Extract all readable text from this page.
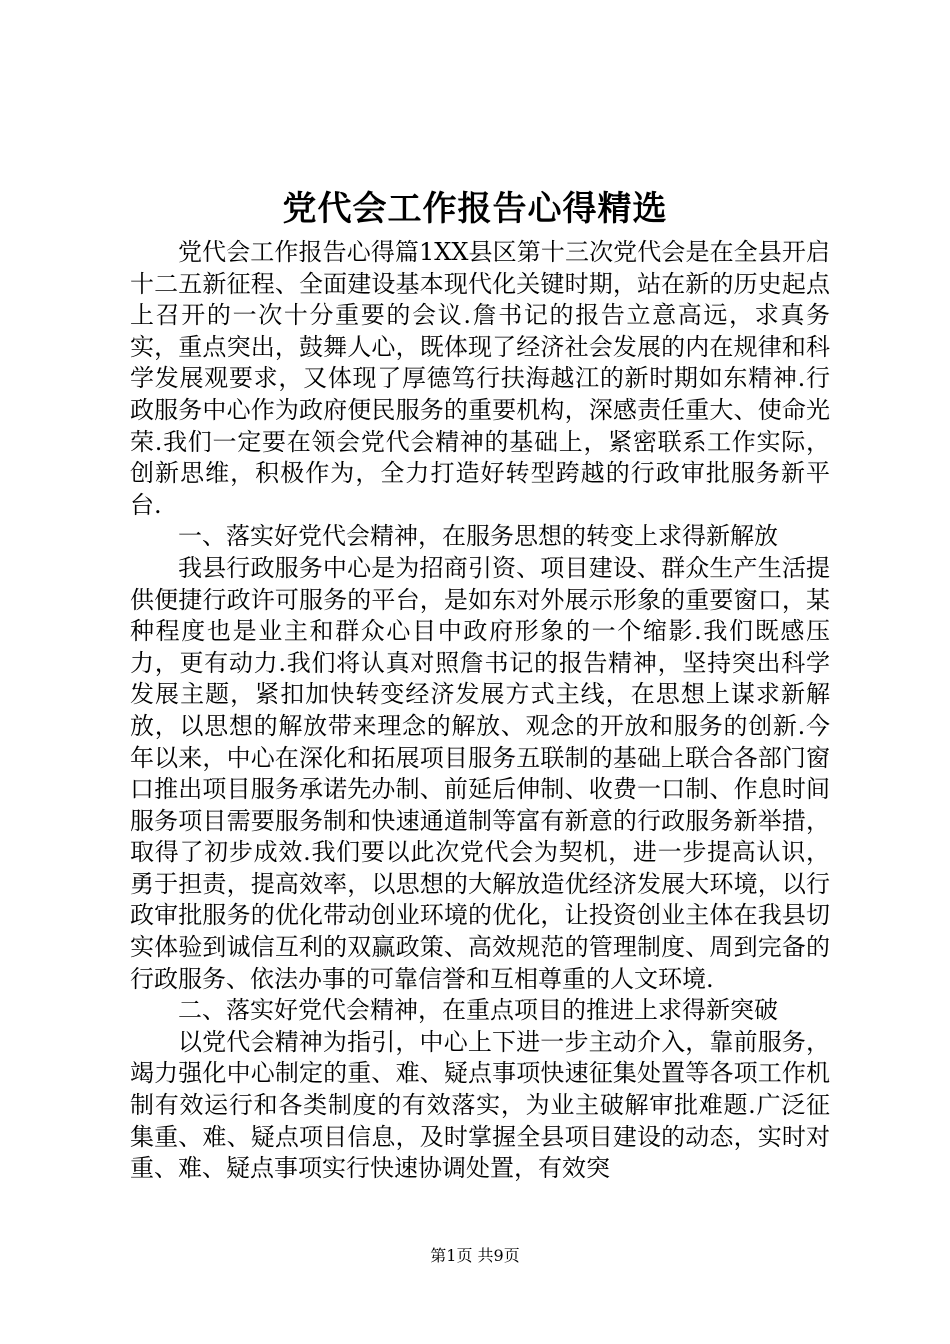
党代会工作报告心得精选

党代会工作报告心得篇1XX县区第十三次党代会是在全县开启十二五新征程、全面建设基本现代化关键时期，站在新的历史起点上召开的一次十分重要的会议.詹书记的报告立意高远，求真务实，重点突出，鼓舞人心，既体现了经济社会发展的内在规律和科学发展观要求，又体现了厚德笃行扶海越江的新时期如东精神.行政服务中心作为政府便民服务的重要机构，深感责任重大、使命光荣.我们一定要在领会党代会精神的基础上，紧密联系工作实际，创新思维，积极作为，全力打造好转型跨越的行政审批服务新平台.

一、落实好党代会精神，在服务思想的转变上求得新解放

我县行政服务中心是为招商引资、项目建设、群众生产生活提供便捷行政许可服务的平台，是如东对外展示形象的重要窗口，某种程度也是业主和群众心目中政府形象的一个缩影.我们既感压力，更有动力.我们将认真对照詹书记的报告精神，坚持突出科学发展主题，紧扣加快转变经济发展方式主线，在思想上谋求新解放，以思想的解放带来理念的解放、观念的开放和服务的创新.今年以来，中心在深化和拓展项目服务五联制的基础上联合各部门窗口推出项目服务承诺先办制、前延后伸制、收费一口制、作息时间服务项目需要服务制和快速通道制等富有新意的行政服务新举措，取得了初步成效.我们要以此次党代会为契机，进一步提高认识，勇于担责，提高效率，以思想的大解放造优经济发展大环境，以行政审批服务的优化带动创业环境的优化，让投资创业主体在我县切实体验到诚信互利的双赢政策、高效规范的管理制度、周到完备的行政服务、依法办事的可靠信誉和互相尊重的人文环境.

二、落实好党代会精神，在重点项目的推进上求得新突破

以党代会精神为指引，中心上下进一步主动介入，靠前服务，竭力强化中心制定的重、难、疑点事项快速征集处置等各项工作机制有效运行和各类制度的有效落实，为业主破解审批难题.广泛征集重、难、疑点项目信息，及时掌握全县项目建设的动态，实时对重、难、疑点事项实行快速协调处置，有效突

第1页 共9页
